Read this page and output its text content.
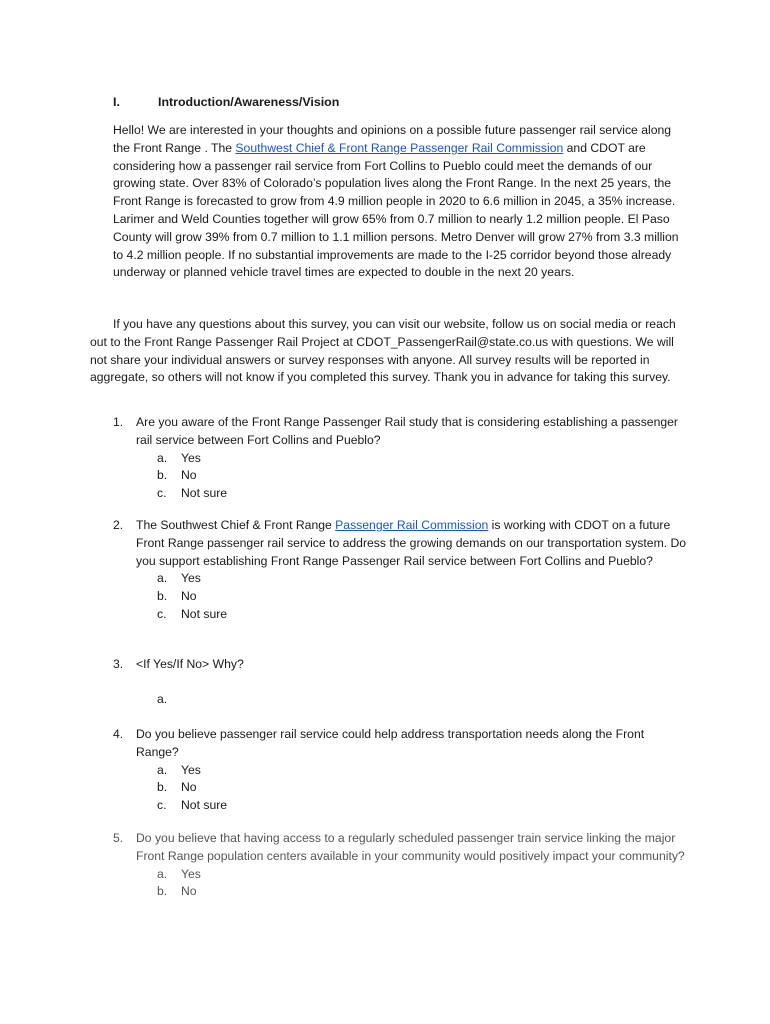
I.	Introduction/Awareness/Vision

Hello! We are interested in your thoughts and opinions on a possible future passenger rail service along the Front Range . The Southwest Chief & Front Range Passenger Rail Commission and CDOT are considering how a passenger rail service from Fort Collins to Pueblo could meet the demands of our growing state. Over 83% of Colorado’s population lives along the Front Range. In the next 25 years, the Front Range is forecasted to grow from 4.9 million people in 2020 to 6.6 million in 2045, a 35% increase. Larimer and Weld Counties together will grow 65% from 0.7 million to nearly 1.2 million people. El Paso County will grow 39% from 0.7 million to 1.1 million persons. Metro Denver will grow 27% from 3.3 million to 4.2 million people. If no substantial improvements are made to the I-25 corridor beyond those already underway or planned vehicle travel times are expected to double in the next 20 years.

If you have any questions about this survey, you can visit our website, follow us on social media or reach out to the Front Range Passenger Rail Project at CDOT_PassengerRail@state.co.us with questions. We will not share your individual answers or survey responses with anyone. All survey results will be reported in aggregate, so others will not know if you completed this survey. Thank you in advance for taking this survey.

1. Are you aware of the Front Range Passenger Rail study that is considering establishing a passenger rail service between Fort Collins and Pueblo?
a. Yes
b. No
c. Not sure
2. The Southwest Chief & Front Range Passenger Rail Commission is working with CDOT on a future Front Range passenger rail service to address the growing demands on our transportation system. Do you support establishing Front Range Passenger Rail service between Fort Collins and Pueblo?
a. Yes
b. No
c. Not sure
3. <If Yes/If No> Why?
a.
4. Do you believe passenger rail service could help address transportation needs along the Front Range?
a. Yes
b. No
c. Not sure
5. Do you believe that having access to a regularly scheduled passenger train service linking the major Front Range population centers available in your community would positively impact your community?
a. Yes
b. No
